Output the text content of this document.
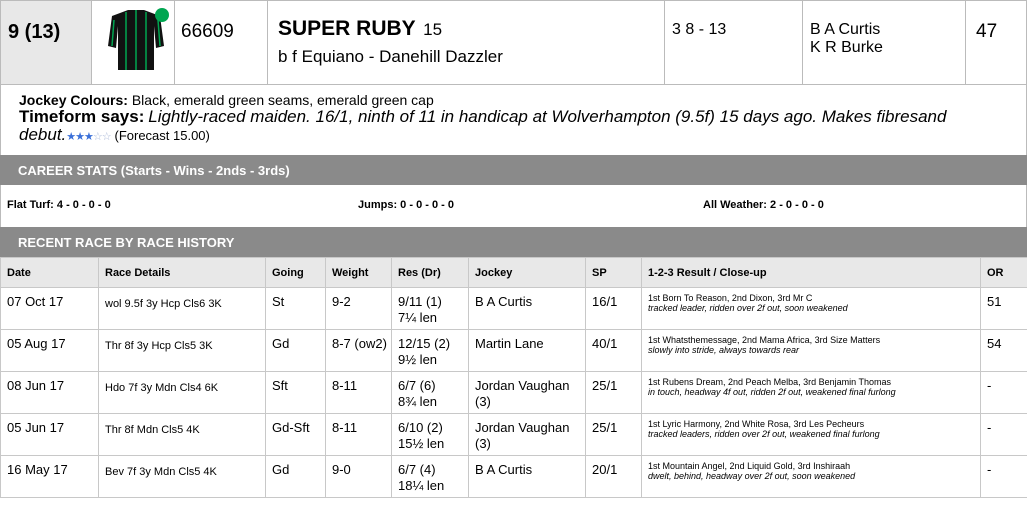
9 (13)	66609 SUPER RUBY 15
b f Equiano - Danehill Dazzler
3 8 - 13	B A Curtis
K R Burke
47

Jockey Colours: Black, emerald green seams, emerald green cap

Timeform says: Lightly-raced maiden. 16/1, ninth of 11 in handicap at Wolverhampton (9.5f) 15 days ago. Makes fibresand debut.★★★☆☆ (Forecast 15.00)

CAREER STATS (Starts - Wins - 2nds - 3rds)
Flat Turf: 4 - 0 - 0 - 0	Jumps: 0 - 0 - 0 - 0	All Weather: 2 - 0 - 0 - 0
RECENT RACE BY RACE HISTORY
Date	Race Details	Going	Weight	Res (Dr)	Jockey	SP	1-2-3 Result / Close-up	OR
07 Oct 17	wol 9.5f 3y Hcp Cls6 3K	St	9-2	9/11 (1)
7¼ len	B A Curtis	16/1	1st Born To Reason, 2nd Dixon, 3rd Mr C
tracked leader, ridden over 2f out, soon weakened	51
05 Aug 17	Thr 8f 3y Hcp Cls5 3K	Gd	8-7 (ow2)	12/15 (2)
9½ len	Martin Lane	40/1	1st Whatsthemessage, 2nd Mama Africa, 3rd Size Matters
slowly into stride, always towards rear	54
08 Jun 17	Hdo 7f 3y Mdn Cls4 6K	Sft	8-11	6/7 (6)
8¾ len	Jordan Vaughan (3)	25/1	1st Rubens Dream, 2nd Peach Melba, 3rd Benjamin Thomas
in touch, headway 4f out, ridden 2f out, weakened final furlong	-
05 Jun 17	Thr 8f Mdn Cls5 4K	Gd-Sft	8-11	6/10 (2)
15½ len	Jordan Vaughan (3)	25/1	1st Lyric Harmony, 2nd White Rosa, 3rd Les Pecheurs
tracked leaders, ridden over 2f out, weakened final furlong	-
16 May 17	Bev 7f 3y Mdn Cls5 4K	Gd	9-0	6/7 (4)
18¼ len	B A Curtis	20/1	1st Mountain Angel, 2nd Liquid Gold, 3rd Inshiraah
dwelt, behind, headway over 2f out, soon weakened	-
